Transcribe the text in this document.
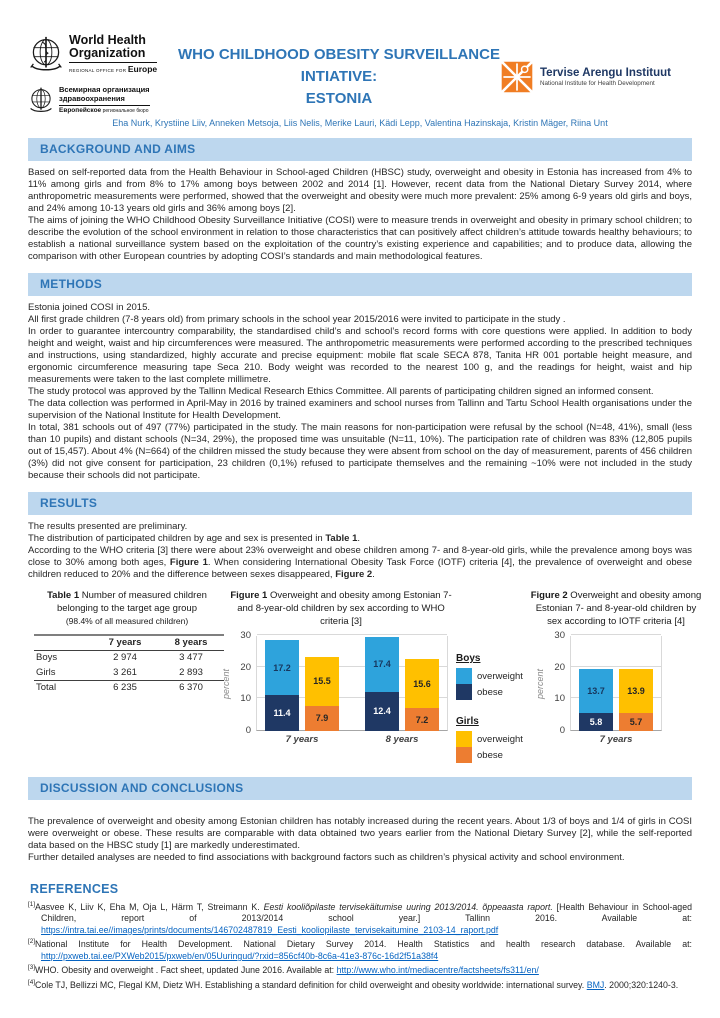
World Health
Organization
REGIONAL OFFICE FOR Europe
Всемирная организация
здравоохранения
Европейское региональное бюро
WHO CHILDHOOD OBESITY SURVEILLANCE
INTIATIVE:
ESTONIA
Tervise Arengu Instituut
National Institute for Health Development
Eha Nurk, Krystiine Liiv, Anneken Metsoja, Liis Nelis, Merike Lauri, Kädi Lepp, Valentina Hazinskaja, Kristin Mäger, Riina Unt
BACKGROUND AND AIMS

Based on self-reported data from the Health Behaviour in School-aged Children (HBSC) study, overweight and obesity in Estonia has increased from 4% to 11% among girls and from 8% to 17% among boys between 2002 and 2014 [1]. However, recent data from the National Dietary Survey 2014, where anthropometric measurements were performed, showed that the overweight and obesity were much more prevalent: 25% among 6-9 years old girls and boys, and 24% among 10-13 years old girls and 36% among boys [2].

The aims of joining the WHO Childhood Obesity Surveillance Initiative (COSI) were to measure trends in overweight and obesity in primary school children; to describe the evolution of the school environment in relation to those characteristics that can positively affect children’s attitude towards healthy behaviours; to establish a national surveillance system based on the exploitation of the country’s existing experience and capabilities; and to produce data, allowing the comparison with other European countries by adopting COSI’s standards and main methodological features.

METHODS

Estonia joined COSI in 2015.

All first grade children (7-8 years old) from primary schools in the school year 2015/2016 were invited to participate in the study .

In order to guarantee intercountry comparability, the standardised child’s and school’s record forms with core questions were applied. In addition to body height and weight, waist and hip circumferences were measured. The anthropometric measurements were performed according to the prescribed techniques and instructions, using standardized, highly accurate and precise equipment: mobile flat scale SECA 878, Tanita HR 001 portable height measure, and ergonomic circumference measuring tape Seca 210. Body weight was recorded to the nearest 100 g, and the readings for height, waist and hip measurements were taken to the last complete millimetre.

The study protocol was approved by the Tallinn Medical Research Ethics Committee. All parents of participating children signed an informed consent.

The data collection was performed in April-May in 2016 by trained examiners and school nurses from Tallinn and Tartu School Health organisations under the supervision of the National Institute for Health Development.

In total, 381 schools out of 497 (77%) participated in the study. The main reasons for non-participation were refusal by the school (N=48, 41%), small (less than 10 pupils) and distant schools (N=34, 29%), the proposed time was unsuitable (N=11, 10%). The participation rate of children was 83% (12,805 pupils out of 15,457). About 4% (N=664) of the children missed the study because they were absent from school on the day of measurement, parents of 456 children (3%) did not give consent for participation, 23 children (0,1%) refused to participate themselves and the remaining ~10% were not included in the study because their schools did not participate.

RESULTS

The results presented are preliminary.

The distribution of participated children by age and sex is presented in Table 1.

According to the WHO criteria [3] there were about 23% overweight and obese children among 7- and 8-year-old girls, while the prevalence among boys was close to 30% among both ages, Figure 1. When considering International Obesity Task Force (IOTF) criteria [4], the prevalence of overweight and obese children reduced to 20% and the difference between sexes disappeared, Figure 2.

Table 1 Number of measured children belonging to the target age group
(98.4% of all measured children)
	7 years	8 years
Boys	2 974	3 477
Girls	3 261	2 893
Total	6 235	6 370
Figure 1 Overweight and obesity among Estonian 7- and 8-year-old children by sex according to WHO criteria [3]
percent
0
10
20
30
11.4
17.2
7.9
15.5
12.4
17.4
7.2
15.6
7 years	8 years
Boys
overweight
obese
Girls
overweight
obese
Figure 2 Overweight and obesity among Estonian 7- and 8-year-old children by sex according to IOTF criteria [4]
percent
0
10
20
30
5.8
13.7
5.7
13.9
7 years
DISCUSSION AND CONCLUSIONS

The prevalence of overweight and obesity among Estonian children has notably increased during the recent years. About 1/3 of boys and 1/4 of girls in COSI were overweight or obese. These results are comparable with data obtained two years earlier from the National Dietary Survey [2], while the self-reported data based on the HBSC study [1] are markedly underestimated.

Further detailed analyses are needed to find associations with background factors such as children’s physical activity and school environment.

REFERENCES
[1]Aasvee K, Liiv K, Eha M, Oja L, Härm T, Streimann K. Eesti kooliõpilaste tervisekäitumise uuring 2013/2014. õppeaasta raport. [Health Behaviour in School-aged Children, report of 2013/2014 school year.] Tallinn 2016. Available at: https://intra.tai.ee//images/prints/documents/146702487819_Eesti_kooliopilaste_tervisekaitumine_2103-14_raport.pdf
[2]National Institute for Health Development. National Dietary Survey 2014. Health Statistics and health research database. Available at: http://pxweb.tai.ee/PXWeb2015/pxweb/en/05Uuringud/?rxid=856cf40b-8c6a-41e3-876c-16d2f51a38f4
[3]WHO. Obesity and overweight . Fact sheet, updated June 2016. Available at: http://www.who.int/mediacentre/factsheets/fs311/en/
[4]Cole TJ, Bellizzi MC, Flegal KM, Dietz WH. Establishing a standard definition for child overweight and obesity worldwide: international survey. BMJ. 2000;320:1240-3.
